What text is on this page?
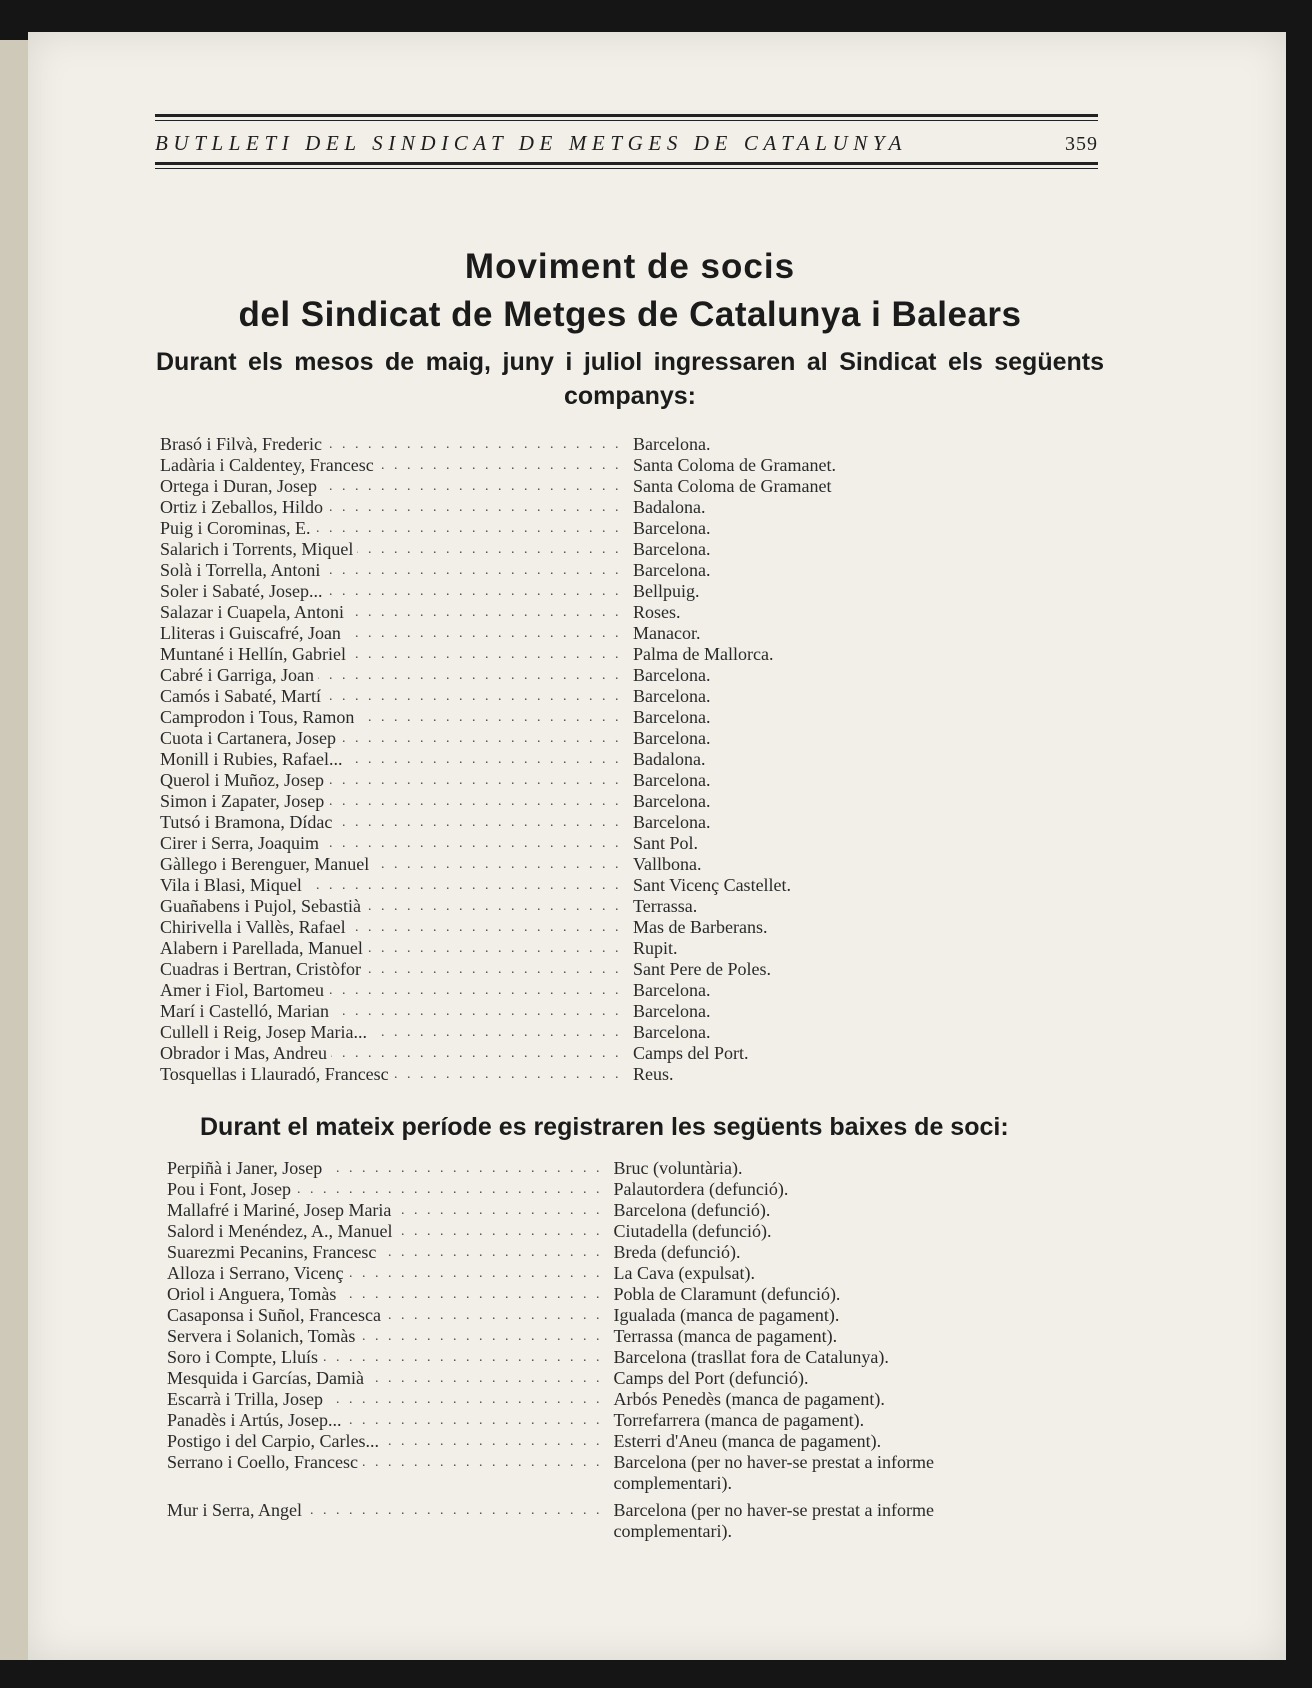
BUTLLETI DEL SINDICAT DE METGES DE CATALUNYA	359
Moviment de socis
del Sindicat de Metges de Catalunya i Balears
Durant els mesos de maig, juny i juliol ingressaren al Sindicat els següents companys:
Brasó i Filvà, Frederic . . .	Barcelona.
Ladària i Caldentey, Francesc . . .	Santa Coloma de Gramanet.
Ortega i Duran, Josep . . .	Santa Coloma de Gramanet
Ortiz i Zeballos, Hildo . . .	Badalona.
Puig i Corominas, E. . . .	Barcelona.
Salarich i Torrents, Miquel . . .	Barcelona.
Solà i Torrella, Antoni . . .	Barcelona.
Soler i Sabaté, Josep... . . .	Bellpuig.
Salazar i Cuapela, Antoni . . .	Roses.
Lliteras i Guiscafré, Joan . . .	Manacor.
Muntané i Hellín, Gabriel . . .	Palma de Mallorca.
Cabré i Garriga, Joan . . .	Barcelona.
Camós i Sabaté, Martí . . .	Barcelona.
Camprodon i Tous, Ramon . . .	Barcelona.
Cuota i Cartanera, Josep . . .	Barcelona.
Monill i Rubies, Rafael... . . .	Badalona.
Querol i Muñoz, Josep . . .	Barcelona.
Simon i Zapater, Josep . . .	Barcelona.
Tutsó i Bramona, Dídac . . .	Barcelona.
Cirer i Serra, Joaquim . . .	Sant Pol.
Gàllego i Berenguer, Manuel . . .	Vallbona.
Vila i Blasi, Miquel . . .	Sant Vicenç Castellet.
Guañabens i Pujol, Sebastià . . .	Terrassa.
Chirivella i Vallès, Rafael . . .	Mas de Barberans.
Alabern i Parellada, Manuel . . .	Rupit.
Cuadras i Bertran, Cristòfor . . .	Sant Pere de Poles.
Amer i Fiol, Bartomeu . . .	Barcelona.
Marí i Castelló, Marian . . .	Barcelona.
Cullell i Reig, Josep Maria... . . .	Barcelona.
Obrador i Mas, Andreu . . .	Camps del Port.
Tosquellas i Llauradó, Francesc . . .	Reus.
Durant el mateix període es registraren les següents baixes de soci:
Perpiñà i Janer, Josep . . .	Bruc (voluntària).
Pou i Font, Josep . . .	Palautordera (defunció).
Mallafré i Mariné, Josep Maria . . .	Barcelona (defunció).
Salord i Menéndez, A., Manuel . . .	Ciutadella (defunció).
Suarezmi Pecanins, Francesc . . .	Breda (defunció).
Alloza i Serrano, Vicenç . . .	La Cava (expulsat).
Oriol i Anguera, Tomàs . . .	Pobla de Claramunt (defunció).
Casaponsa i Suñol, Francesca . . .	Igualada (manca de pagament).
Servera i Solanich, Tomàs . . .	Terrassa (manca de pagament).
Soro i Compte, Lluís . . .	Barcelona (trasllat fora de Catalunya).
Mesquida i Garcías, Damià . . .	Camps del Port (defunció).
Escarrà i Trilla, Josep . . .	Arbós Penedès (manca de pagament).
Panadès i Artús, Josep... . . .	Torrefarrera (manca de pagament).
Postigo i del Carpio, Carles... . . .	Esterri d'Aneu (manca de pagament).
Serrano i Coello, Francesc . . .	Barcelona (per no haver-se prestat a informe complementari).
Mur i Serra, Angel . . .	Barcelona (per no haver-se prestat a informe complementari).
